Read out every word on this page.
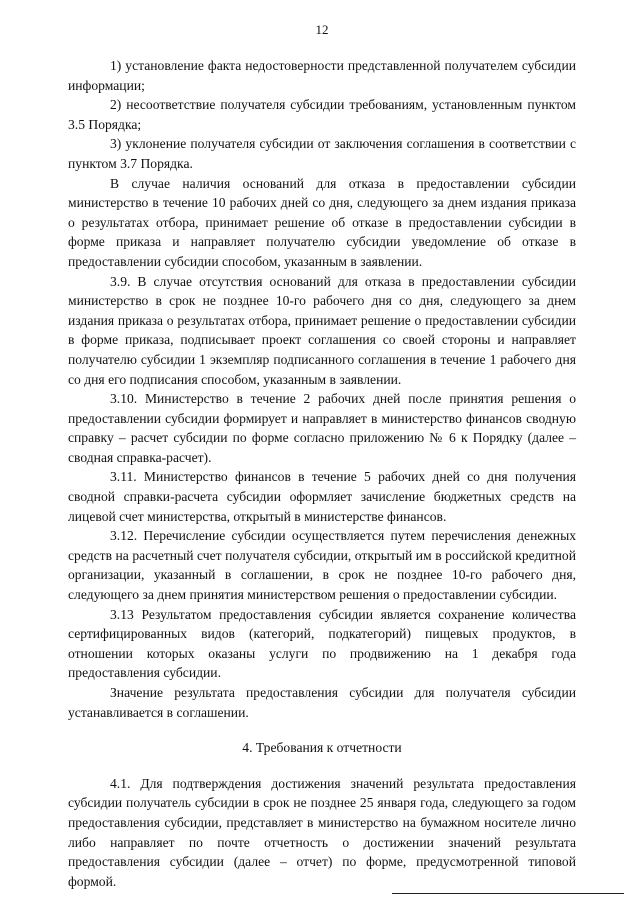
12

1) установление факта недостоверности представленной получателем субсидии информации;

2) несоответствие получателя субсидии требованиям, установленным пунктом 3.5 Порядка;

3) уклонение получателя субсидии от заключения соглашения в соответствии с пунктом 3.7 Порядка.

В случае наличия оснований для отказа в предоставлении субсидии министерство в течение 10 рабочих дней со дня, следующего за днем издания приказа о результатах отбора, принимает решение об отказе в предоставлении субсидии в форме приказа и направляет получателю субсидии уведомление об отказе в предоставлении субсидии способом, указанным в заявлении.

3.9. В случае отсутствия оснований для отказа в предоставлении субсидии министерство в срок не позднее 10-го рабочего дня со дня, следующего за днем издания приказа о результатах отбора, принимает решение о предоставлении субсидии в форме приказа, подписывает проект соглашения со своей стороны и направляет получателю субсидии 1 экземпляр подписанного соглашения в течение 1 рабочего дня со дня его подписания способом, указанным в заявлении.

3.10. Министерство в течение 2 рабочих дней после принятия решения о предоставлении субсидии формирует и направляет в министерство финансов сводную справку – расчет субсидии по форме согласно приложению № 6 к Порядку (далее – сводная справка-расчет).

3.11. Министерство финансов в течение 5 рабочих дней со дня получения сводной справки-расчета субсидии оформляет зачисление бюджетных средств на лицевой счет министерства, открытый в министерстве финансов.

3.12. Перечисление субсидии осуществляется путем перечисления денежных средств на расчетный счет получателя субсидии, открытый им в российской кредитной организации, указанный в соглашении, в срок не позднее 10-го рабочего дня, следующего за днем принятия министерством решения о предоставлении субсидии.

3.13 Результатом предоставления субсидии является сохранение количества сертифицированных видов (категорий, подкатегорий) пищевых продуктов, в отношении которых оказаны услуги по продвижению на 1 декабря года предоставления субсидии.

Значение результата предоставления субсидии для получателя субсидии устанавливается в соглашении.

4. Требования к отчетности

4.1. Для подтверждения достижения значений результата предоставления субсидии получатель субсидии в срок не позднее 25 января года, следующего за годом предоставления субсидии, представляет в министерство на бумажном носителе лично либо направляет по почте отчетность о достижении значений результата предоставления субсидии (далее – отчет) по форме, предусмотренной типовой формой.
